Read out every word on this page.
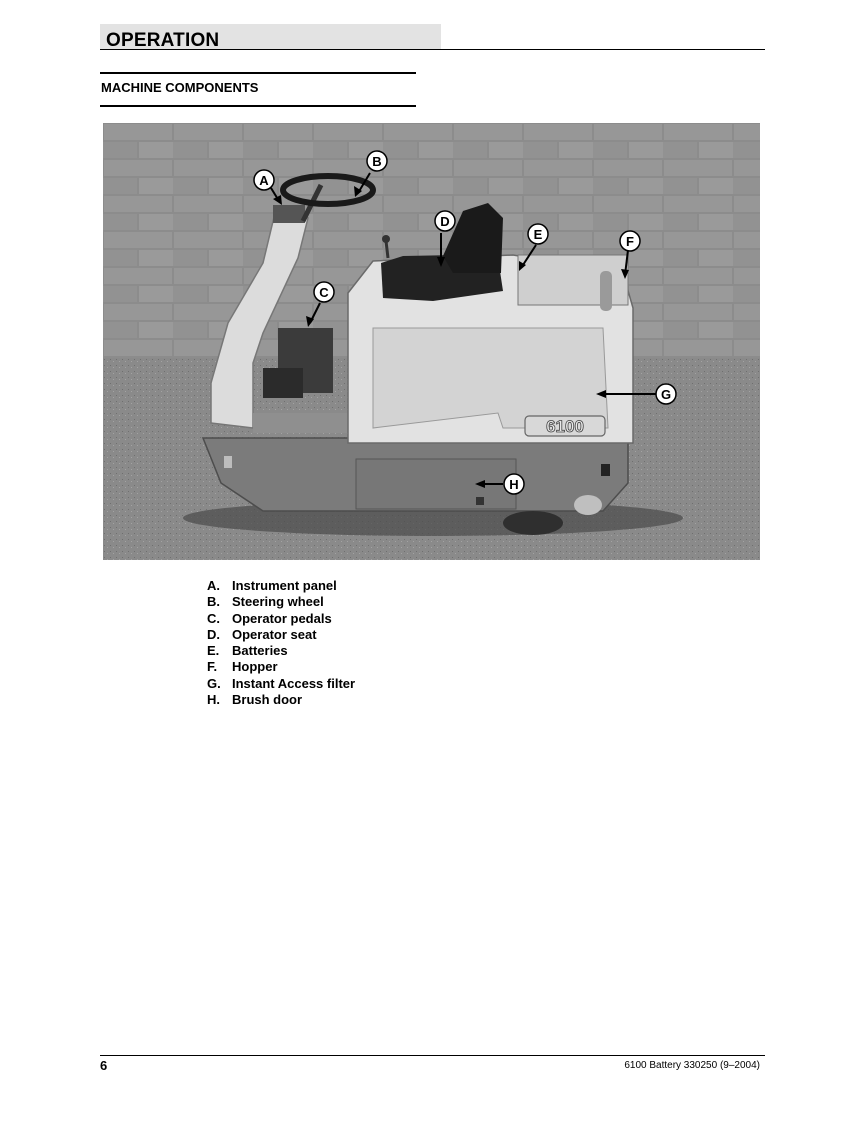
OPERATION
MACHINE COMPONENTS
6100
A
B
C
D
E	F
G
H
A. Instrument panel
B. Steering wheel
C. Operator pedals
D. Operator seat
E. Batteries
F.	Hopper
G. Instant Access filter
H. Brush door
6	6100 Battery 330250 (9–2004)
